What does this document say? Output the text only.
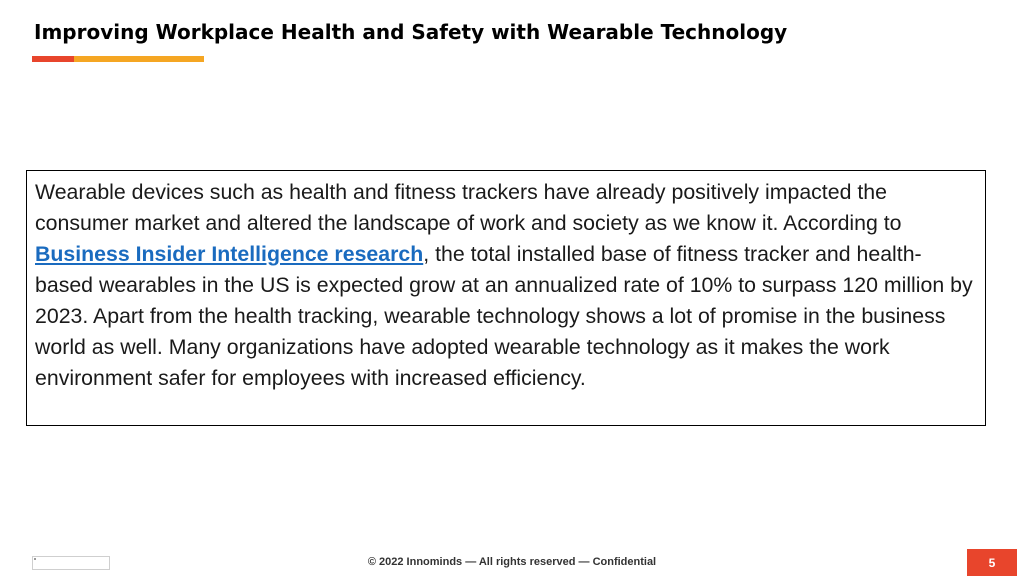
Improving Workplace Health and Safety with Wearable Technology
Wearable devices such as health and fitness trackers have already positively impacted the consumer market and altered the landscape of work and society as we know it. According to Business Insider Intelligence research, the total installed base of fitness tracker and health-based wearables in the US is expected grow at an annualized rate of 10% to surpass 120 million by 2023. Apart from the health tracking, wearable technology shows a lot of promise in the business world as well. Many organizations have adopted wearable technology as it makes the work environment safer for employees with increased efficiency.
© 2022 Innominds — All rights reserved — Confidential	5
